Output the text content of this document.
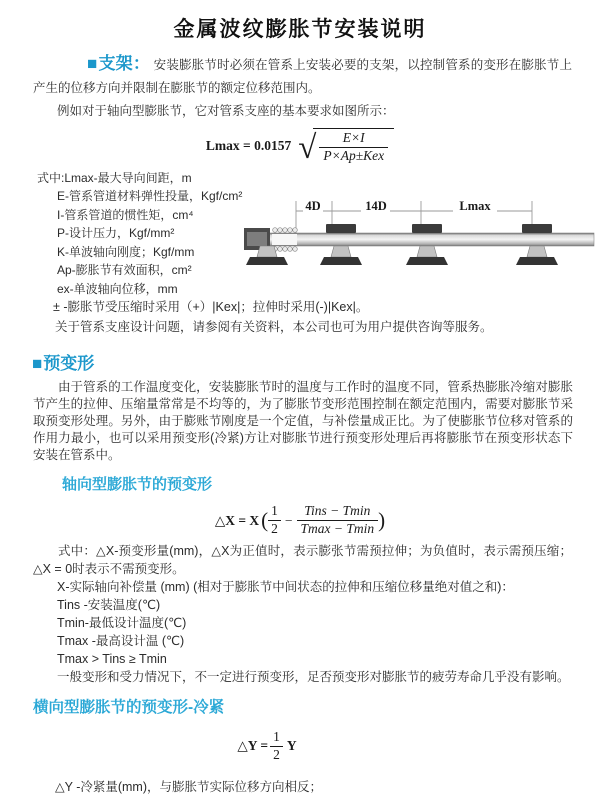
金属波纹膨胀节安装说明

■支架： 安装膨胀节时必须在管系上安装必要的支架，以控制管系的变形在膨胀节上产生的位移方向并限制在膨胀节的额定位移范围内。

例如对于轴向型膨胀节，它对管系支座的基本要求如图所示：

Lmax = 0.0157 √ $\frac{E\times I}{\text{P×Ap±Kex}}$
式中:Lmax-最大导向间距，m
E-管系管道材料弹性投量，Kgf/cm²
I-管系管道的惯性矩，cm⁴
P-设计压力，Kgf/mm²
K-单波轴向刚度；Kgf/mm
Ap-膨胀节有效面积，cm²
ex-单波轴向位移，mm
± -膨胀节受压缩时采用（+）|Kex|；拉伸时采用(-)|Kex|。
关于管系支座设计问题，请参阅有关资料，本公司也可为用户提供咨询等服务。
4D	14D	Lmax
■预变形

由于管系的工作温度变化，安装膨胀节时的温度与工作时的温度不同，管系热膨胀冷缩对膨胀节产生的拉伸、压缩量常常是不均等的，为了膨胀节变形范围控制在额定范围内，需要对膨胀节采取预变形处理。另外，由于膨账节刚度是一个定值，与补偿量成正比。为了使膨胀节位移对管系的作用力最小，也可以采用预变形(冷紧)方让对膨胀节进行预变形处理后再将膨胀节在预变形状态下安装在管系中。

轴向型膨胀节的预变形
△X = $X( \frac{1}{2} - \frac{\text{Tins − Tmin}}{Tmax - Tmin}$ )

式中：△X-预变形量(mm)，△X为正值时，表示膨张节需预拉伸；为负值时，表示需预压缩；△X = 0时表示不需预变形。

X-实际轴向补偿量 (mm) (相对于膨胀节中间状态的拉伸和压缩位移量绝对值之和)：
Tins -安装温度(℃)
Tmin-最低设计温度(℃)
Tmax -最高设计温 (℃)
Tmax > Tins ≥ Tmin

一般变形和受力情况下，不一定进行预变形，足否预变形对膨胀节的疲劳寿命几乎没有影响。

横向型膨胀节的预变形-冷紧
△Y = $\frac{1}{2}$ Y

△Y -冷紧量(mm)，与膨胀节实际位移方向相反；
